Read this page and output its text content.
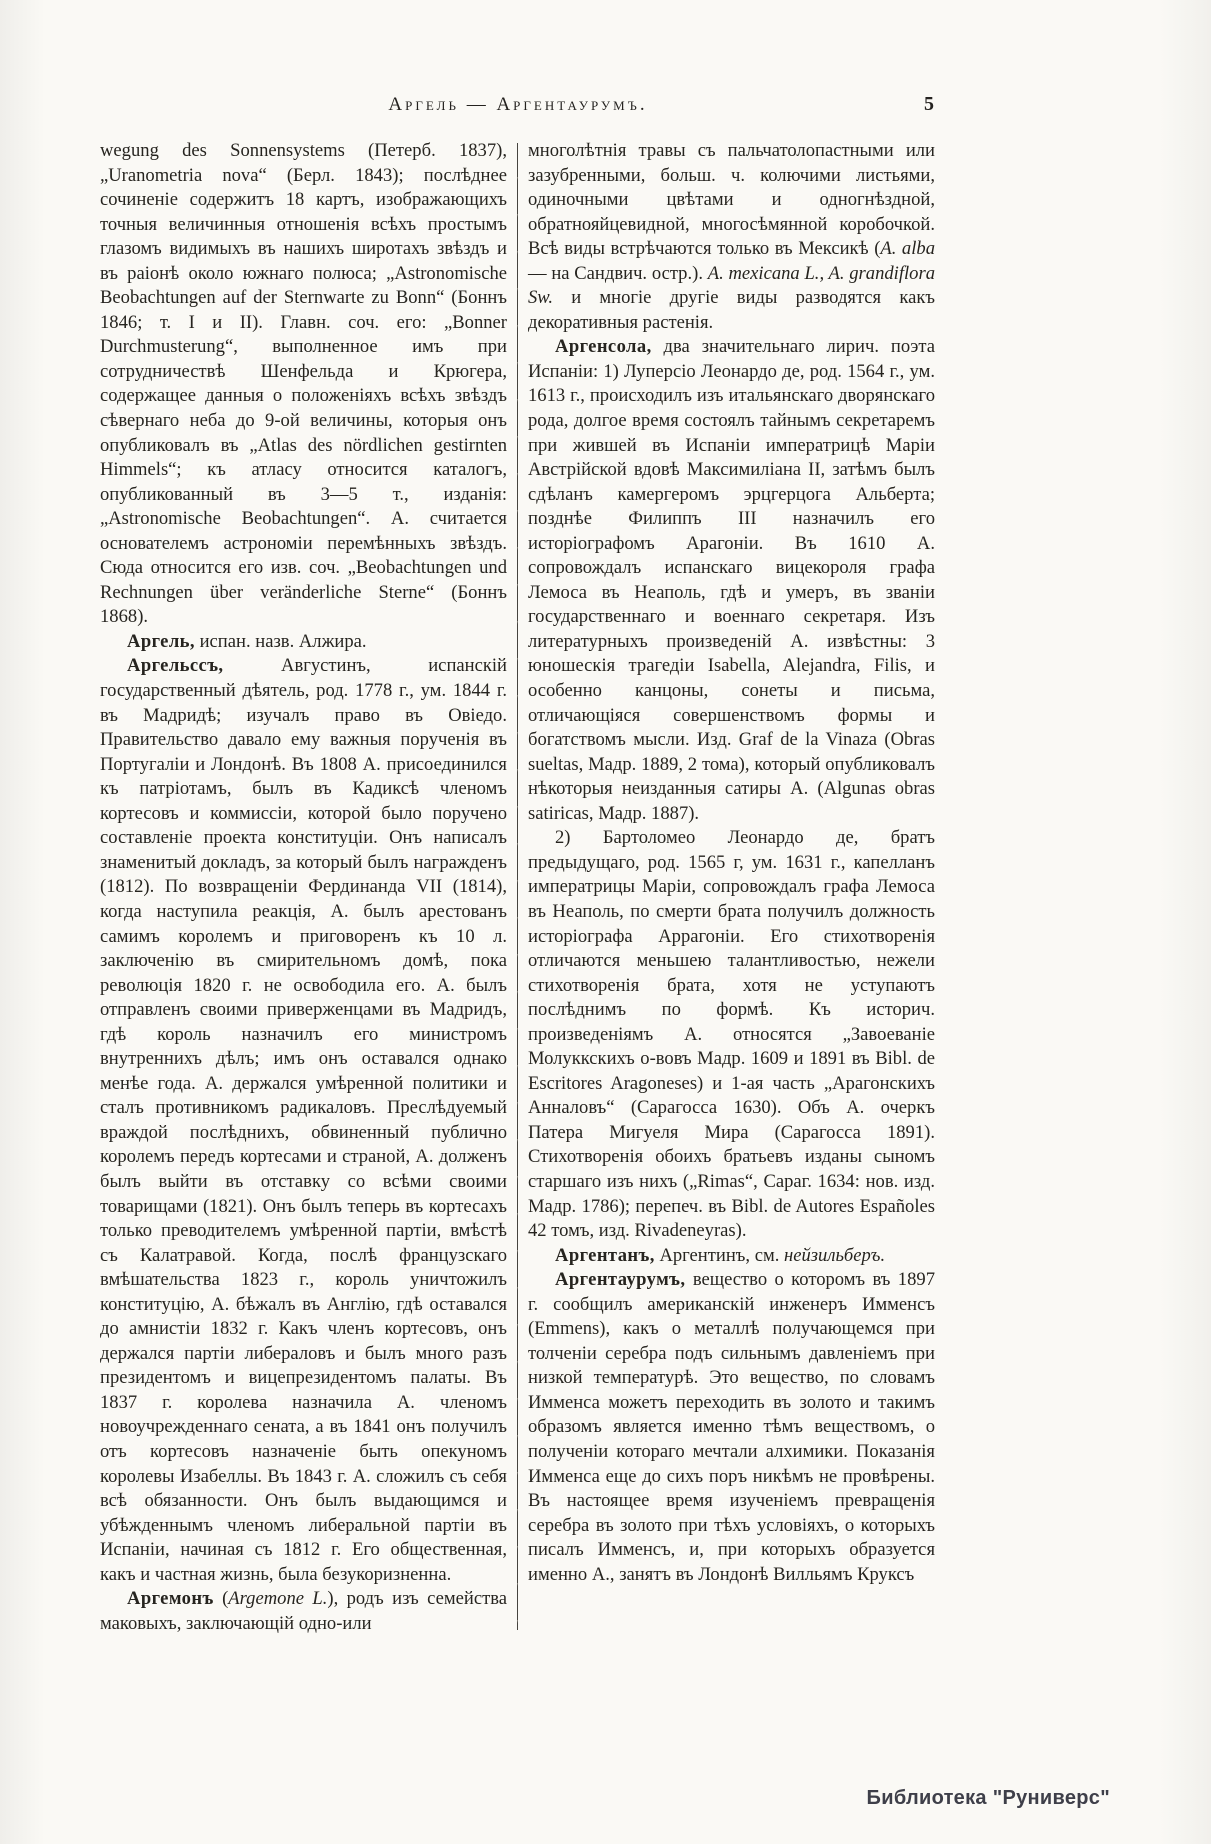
Аргель — Аргентаурумъ.	5

wegung des Sonnensystems (Петерб. 1837), „Uranometria nova“ (Берл. 1843); послѣднее сочиненіе содержитъ 18 картъ, изображающихъ точныя величинныя отношенія всѣхъ простымъ глазомъ видимыхъ въ нашихъ широтахъ звѣздъ и въ раіонѣ около южнаго полюса; „Astronomische Beobachtungen auf der Sternwarte zu Bonn“ (Боннъ 1846; т. I и II). Главн. соч. его: „Bonner Durchmusterung“, выполненное имъ при сотрудничествѣ Шенфельда и Крюгера, содержащее данныя о положеніяхъ всѣхъ звѣздъ сѣвернаго неба до 9-ой величины, которыя онъ опубликовалъ въ „Atlas des nördlichen gestirnten Himmels“; къ атласу относится каталогъ, опубликованный въ 3—5 т., изданія: „Astronomische Beobachtungen“. А. считается основателемъ астрономіи перемѣнныхъ звѣздъ. Сюда относится его изв. соч. „Beobachtungen und Rechnungen über veränderliche Sterne“ (Боннъ 1868).

Аргель, испан. назв. Алжира.

Аргельссъ, Августинъ, испанскій государственный дѣятель, род. 1778 г., ум. 1844 г. въ Мадридѣ; изучалъ право въ Овіедо. Правительство давало ему важныя порученія въ Португаліи и Лондонѣ. Въ 1808 А. присоединился къ патріотамъ, былъ въ Кадиксѣ членомъ кортесовъ и коммиссіи, которой было поручено составленіе проекта конституціи. Онъ написалъ знаменитый докладъ, за который былъ награжденъ (1812). По возвращеніи Фердинанда VII (1814), когда наступила реакція, А. былъ арестованъ самимъ королемъ и приговоренъ къ 10 л. заключенію въ смирительномъ домѣ, пока революція 1820 г. не освободила его. А. былъ отправленъ своими приверженцами въ Мадридъ, гдѣ король назначилъ его министромъ внутреннихъ дѣлъ; имъ онъ оставался однако менѣе года. А. держался умѣренной политики и сталъ противникомъ радикаловъ. Преслѣдуемый враждой послѣднихъ, обвиненный публично королемъ передъ кортесами и страной, А. долженъ былъ выйти въ отставку со всѣми своими товарищами (1821). Онъ былъ теперь въ кортесахъ только преводителемъ умѣренной партіи, вмѣстѣ съ Калатравой. Когда, послѣ французскаго вмѣшательства 1823 г., король уничтожилъ конституцію, А. бѣжалъ въ Англію, гдѣ оставался до амнистіи 1832 г. Какъ членъ кортесовъ, онъ держался партіи либераловъ и былъ много разъ президентомъ и вицепрезидентомъ палаты. Въ 1837 г. королева назначила А. членомъ новоучрежденнаго сената, а въ 1841 онъ получилъ отъ кортесовъ назначеніе быть опекуномъ королевы Изабеллы. Въ 1843 г. А. сложилъ съ себя всѣ обязанности. Онъ былъ выдающимся и убѣжденнымъ членомъ либеральной партіи въ Испаніи, начиная съ 1812 г. Его общественная, какъ и частная жизнь, была безукоризненна.

Аргемонъ (Argemone L.), родъ изъ семейства маковыхъ, заключающій одно-или

многолѣтнія травы съ пальчатолопастными или зазубренными, больш. ч. колючими листьями, одиночными цвѣтами и одногнѣздной, обратнояйцевидной, многосѣмянной коробочкой. Всѣ виды встрѣчаются только въ Мексикѣ (A. alba — на Сандвич. остр.). A. mexicana L., A. grandiflora Sw. и многіе другіе виды разводятся какъ декоративныя растенія.

Аргенсола, два значительнаго лирич. поэта Испаніи: 1) Луперсіо Леонардо де, род. 1564 г., ум. 1613 г., происходилъ изъ итальянскаго дворянскаго рода, долгое время состоялъ тайнымъ секретаремъ при жившей въ Испаніи императрицѣ Маріи Австрійской вдовѣ Максимиліана II, затѣмъ былъ сдѣланъ камергеромъ эрцгерцога Альберта; позднѣе Филиппъ III назначилъ его исторіографомъ Арагоніи. Въ 1610 А. сопровождалъ испанскаго вицекороля графа Лемоса въ Неаполь, гдѣ и умеръ, въ званіи государственнаго и военнаго секретаря. Изъ литературныхъ произведеній А. извѣстны: 3 юношескія трагедіи Isabella, Alejandra, Filis, и особенно канцоны, сонеты и письма, отличающіяся совершенствомъ формы и богатствомъ мысли. Изд. Graf de la Vinaza (Obras sueltas, Мадр. 1889, 2 тома), который опубликовалъ нѣкоторыя неизданныя сатиры А. (Algunas obras satiricas, Мадр. 1887).

2) Бартоломео Леонардо де, братъ предыдущаго, род. 1565 г, ум. 1631 г., капелланъ императрицы Маріи, сопровождалъ графа Лемоса въ Неаполь, по смерти брата получилъ должность исторіографа Аррагоніи. Его стихотворенія отличаются меньшею талантливостью, нежели стихотворенія брата, хотя не уступаютъ послѣднимъ по формѣ. Къ историч. произведеніямъ А. относятся „Завоеваніе Молуккскихъ о-вовъ Мадр. 1609 и 1891 въ Bibl. de Escritores Aragoneses) и 1-ая часть „Арагонскихъ Анналовъ“ (Сарагосса 1630). Объ А. очеркъ Патера Мигуеля Мира (Сарагосса 1891). Стихотворенія обоихъ братьевъ изданы сыномъ старшаго изъ нихъ („Rimas“, Сараг. 1634: нов. изд. Мадр. 1786); перепеч. въ Bibl. de Autores Españoles 42 томъ, изд. Rivadeneyras).

Аргентанъ, Аргентинъ, см. нейзильберъ.

Аргентаурумъ, вещество о которомъ въ 1897 г. сообщилъ американскій инженеръ Имменсъ (Emmens), какъ о металлѣ получающемся при толченіи серебра подъ сильнымъ давленіемъ при низкой температурѣ. Это вещество, по словамъ Имменса можетъ переходить въ золото и такимъ образомъ является именно тѣмъ веществомъ, о полученіи котораго мечтали алхимики. Показанія Имменса еще до сихъ поръ никѣмъ не провѣрены. Въ настоящее время изученіемъ превращенія серебра въ золото при тѣхъ условіяхъ, о которыхъ писалъ Имменсъ, и, при которыхъ образуется именно А., занятъ въ Лондонѣ Вилльямъ Круксъ

Библиотека "Руниверс"
